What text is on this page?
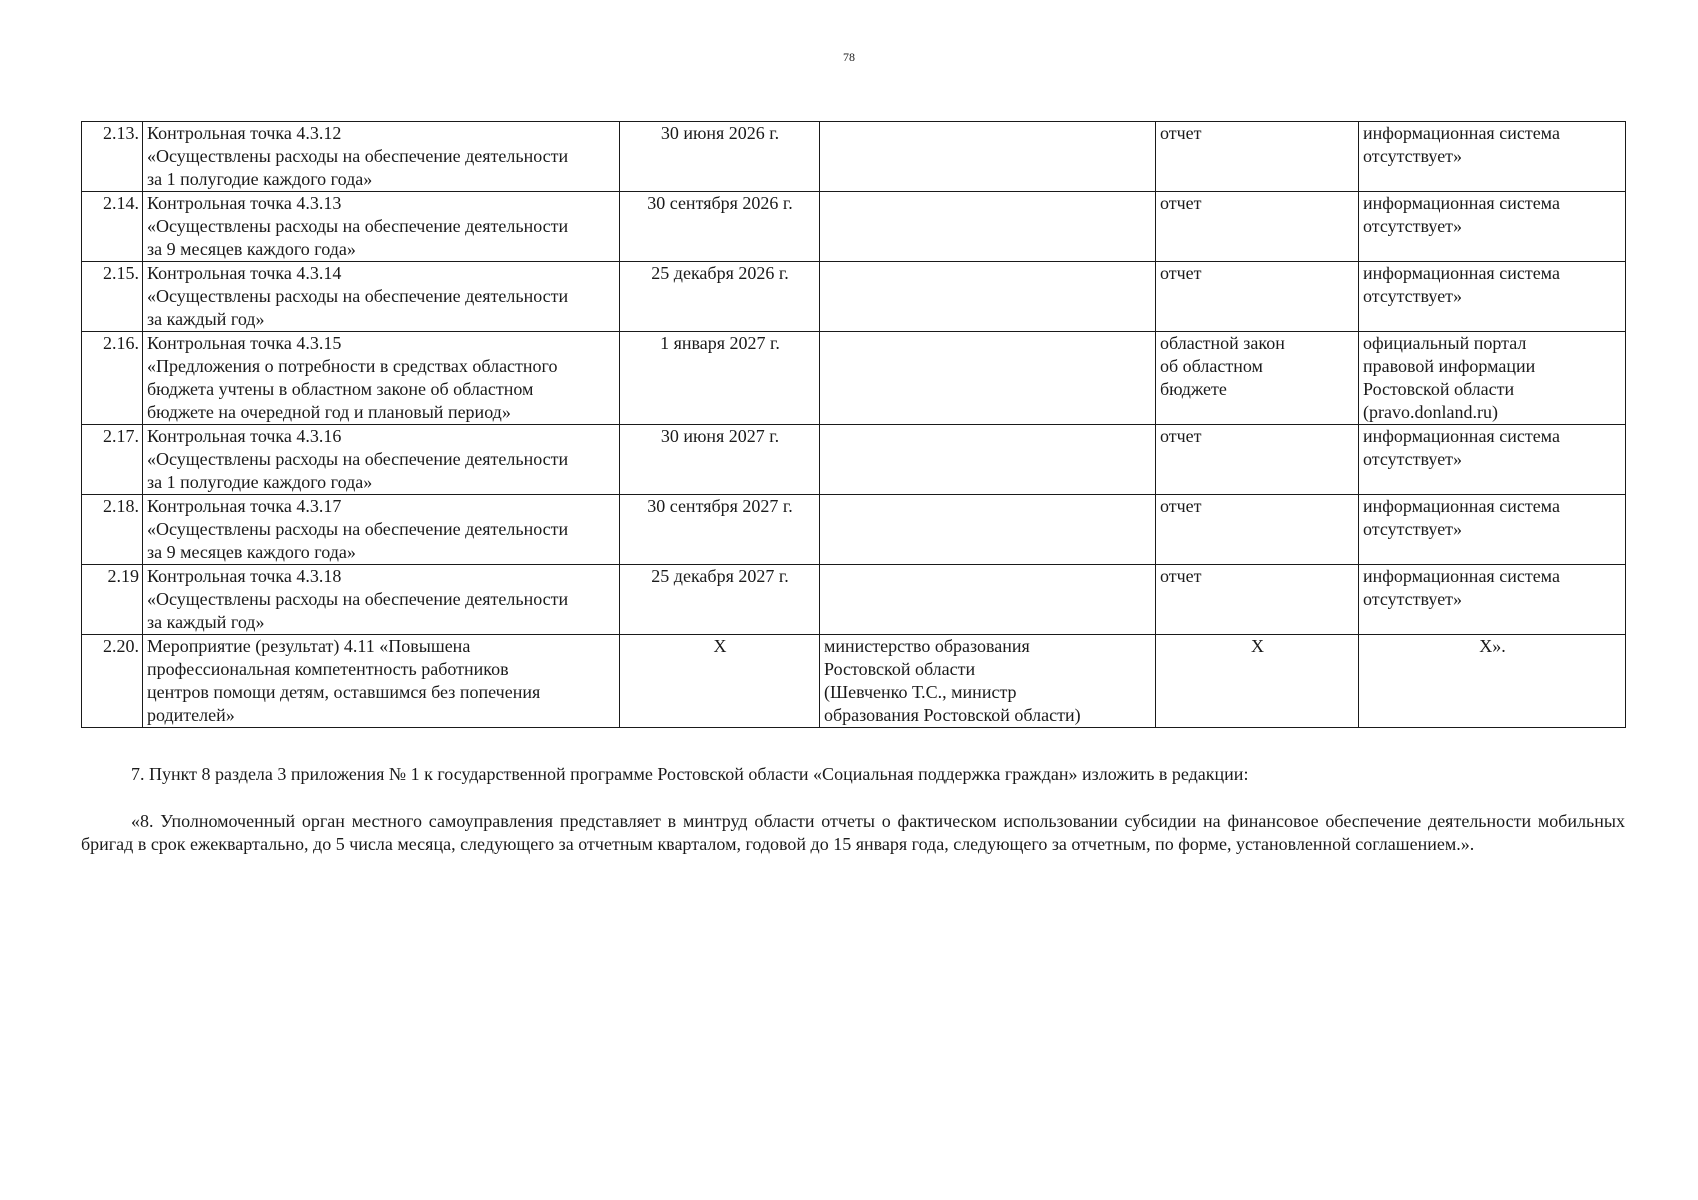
78
2.13.	Контрольная точка 4.3.12
«Осуществлены расходы на обеспечение деятельности
за 1 полугодие каждого года»	30 июня 2026 г.		отчет	информационная система
отсутствует»

2.14.	Контрольная точка 4.3.13
«Осуществлены расходы на обеспечение деятельности
за 9 месяцев каждого года»	30 сентября 2026 г.		отчет	информационная система
отсутствует»

2.15.	Контрольная точка 4.3.14
«Осуществлены расходы на обеспечение деятельности
за каждый год»	25 декабря 2026 г.		отчет	информационная система
отсутствует»

2.16.	Контрольная точка 4.3.15
«Предложения о потребности в средствах областного
бюджета учтены в областном законе об областном
бюджете на очередной год и плановый период»	1 января 2027 г.		областной закон
об областном
бюджете	официальный портал
правовой информации
Ростовской области
(pravo.donland.ru)

2.17.	Контрольная точка 4.3.16
«Осуществлены расходы на обеспечение деятельности
за 1 полугодие каждого года»	30 июня 2027 г.		отчет	информационная система
отсутствует»

2.18.	Контрольная точка 4.3.17
«Осуществлены расходы на обеспечение деятельности
за 9 месяцев каждого года»	30 сентября 2027 г.		отчет	информационная система
отсутствует»

2.19	Контрольная точка 4.3.18
«Осуществлены расходы на обеспечение деятельности
за каждый год»	25 декабря 2027 г.		отчет	информационная система
отсутствует»

2.20.	Мероприятие (результат) 4.11 «Повышена
профессиональная компетентность работников
центров помощи детям, оставшимся без попечения
родителей»	Х	министерство образования
Ростовской области
(Шевченко Т.С., министр
образования Ростовской области)	Х	Х».

7. Пункт 8 раздела 3 приложения № 1 к государственной программе Ростовской области «Социальная поддержка граждан» изложить в редакции:

«8. Уполномоченный орган местного самоуправления представляет в минтруд области отчеты о фактическом использовании субсидии на финансовое обеспечение деятельности мобильных бригад в срок ежеквартально, до 5 числа месяца, следующего за отчетным кварталом, годовой до 15 января года, следующего за отчетным, по форме, установленной соглашением.».
